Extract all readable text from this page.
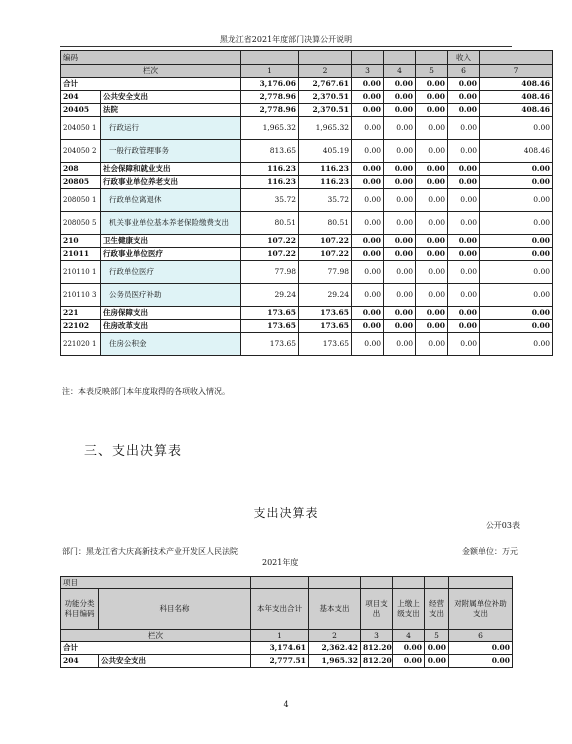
黑龙江省2021年度部门决算公开说明
编码							收入	
栏次		1	2	3	4	5	6	7
合计		3,176.06	2,767.61	0.00	0.00	0.00	0.00	408.46
204	公共安全支出	2,778.96	2,370.51	0.00	0.00	0.00	0.00	408.46
20405	法院	2,778.96	2,370.51	0.00	0.00	0.00	0.00	408.46
204050 1	行政运行	1,965.32	1,965.32	0.00	0.00	0.00	0.00	0.00
204050 2	一般行政管理事务	813.65	405.19	0.00	0.00	0.00	0.00	408.46
208	社会保障和就业支出	116.23	116.23	0.00	0.00	0.00	0.00	0.00
20805	行政事业单位养老支出	116.23	116.23	0.00	0.00	0.00	0.00	0.00
208050 1	行政单位离退休	35.72	35.72	0.00	0.00	0.00	0.00	0.00
208050 5	机关事业单位基本养老保险缴费支出	80.51	80.51	0.00	0.00	0.00	0.00	0.00
210	卫生健康支出	107.22	107.22	0.00	0.00	0.00	0.00	0.00
21011	行政事业单位医疗	107.22	107.22	0.00	0.00	0.00	0.00	0.00
210110 1	行政单位医疗	77.98	77.98	0.00	0.00	0.00	0.00	0.00
210110 3	公务员医疗补助	29.24	29.24	0.00	0.00	0.00	0.00	0.00
221	住房保障支出	173.65	173.65	0.00	0.00	0.00	0.00	0.00
22102	住房改革支出	173.65	173.65	0.00	0.00	0.00	0.00	0.00
221020 1	住房公积金	173.65	173.65	0.00	0.00	0.00	0.00	0.00
注：本表反映部门本年度取得的各项收入情况。
三、支出决算表
支出决算表
公开03表
部门：黑龙江省大庆高新技术产业开发区人民法院
2021年度
金额单位：万元
项目							
功能分类科目编码	科目名称	本年支出合计	基本支出	项目支出	上缴上级支出	经营支出	对附属单位补助支出
栏次		1	2	3	4	5	6
合计		3,174.61	2,362.42	812.20	0.00	0.00	0.00
204	公共安全支出	2,777.51	1,965.32	812.20	0.00	0.00	0.00
4
